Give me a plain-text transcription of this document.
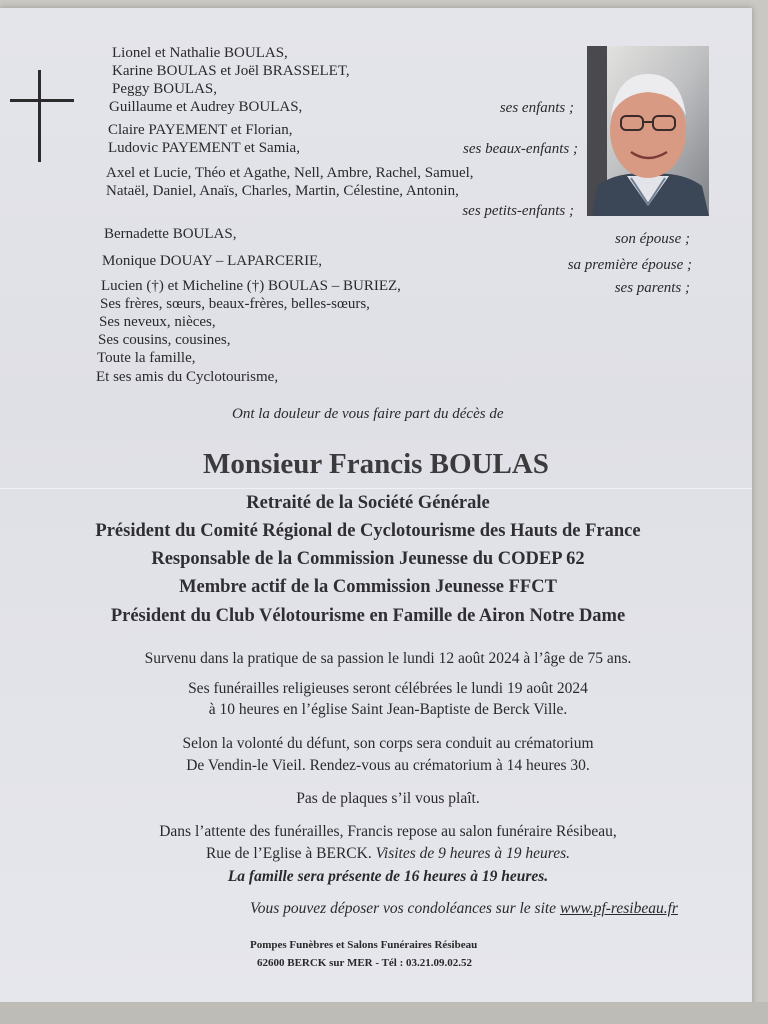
Lionel et Nathalie BOULAS,
Karine BOULAS et Joël BRASSELET,
Peggy BOULAS,
Guillaume et Audrey BOULAS,	ses enfants ;
Claire PAYEMENT et Florian,
Ludovic PAYEMENT et Samia,	ses beaux-enfants ;
Axel et Lucie, Théo et Agathe, Nell, Ambre, Rachel, Samuel,
Nataël, Daniel, Anaïs, Charles, Martin, Célestine, Antonin,
ses petits-enfants ;
Bernadette BOULAS,	son épouse ;
Monique DOUAY – LAPARCERIE,	sa première épouse ;
Lucien (†) et Micheline (†) BOULAS – BURIEZ,	ses parents ;
Ses frères, sœurs, beaux-frères, belles-sœurs,
Ses neveux, nièces,
Ses cousins, cousines,
Toute la famille,
Et ses amis du Cyclotourisme,
Ont la douleur de vous faire part du décès de
Monsieur Francis BOULAS
Retraité de la Société Générale
Président du Comité Régional de Cyclotourisme des Hauts de France
Responsable de la Commission Jeunesse du CODEP 62
Membre actif de la Commission Jeunesse FFCT
Président du Club Vélotourisme en Famille de Airon Notre Dame
Survenu dans la pratique de sa passion le lundi 12 août 2024 à l’âge de 75 ans.
Ses funérailles religieuses seront célébrées le lundi 19 août 2024
à 10 heures en l’église Saint Jean-Baptiste de Berck Ville.
Selon la volonté du défunt, son corps sera conduit au crématorium
De Vendin-le Vieil. Rendez-vous au crématorium à 14 heures 30.
Pas de plaques s’il vous plaît.
Dans l’attente des funérailles, Francis repose au salon funéraire Résibeau,
Rue de l’Eglise à BERCK. Visites de 9 heures à 19 heures.
La famille sera présente de 16 heures à 19 heures.
Vous pouvez déposer vos condoléances sur le site www.pf-resibeau.fr
Pompes Funèbres et Salons Funéraires Résibeau
62600 BERCK sur MER - Tél : 03.21.09.02.52
